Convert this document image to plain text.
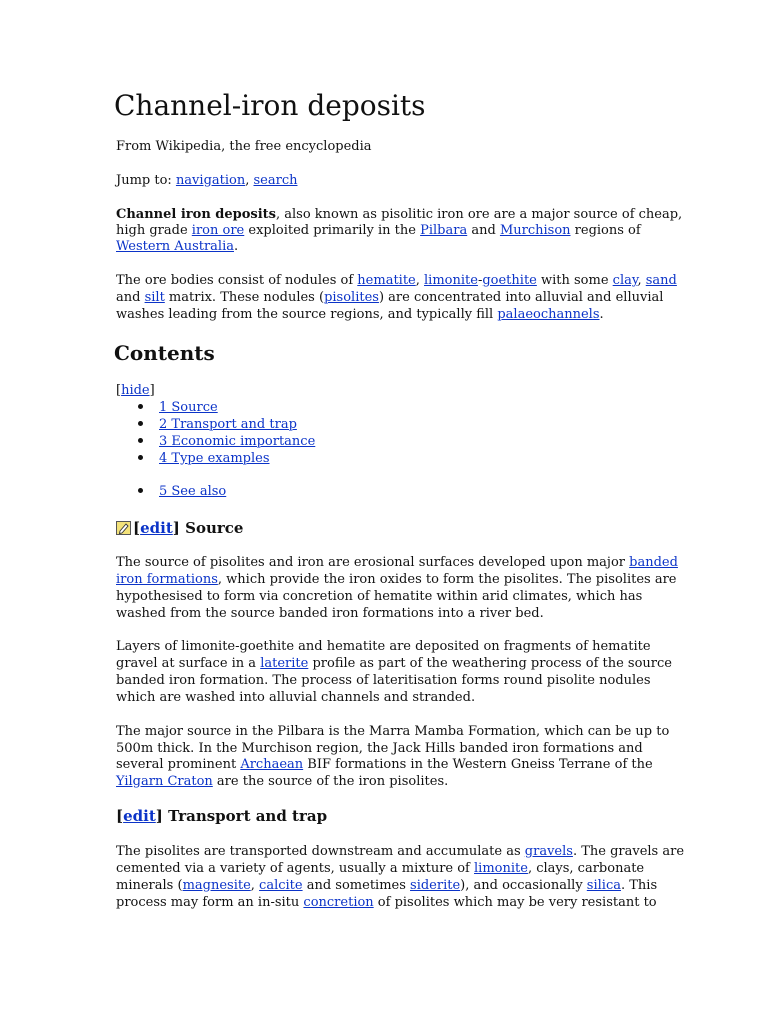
Channel-iron deposits
From Wikipedia, the free encyclopedia
Jump to: navigation, search
Channel iron deposits, also known as pisolitic iron ore are a major source of cheap,
high grade iron ore exploited primarily in the Pilbara and Murchison regions of
Western Australia.
The ore bodies consist of nodules of hematite, limonite-goethite with some clay, sand
and silt matrix. These nodules (pisolites) are concentrated into alluvial and elluvial
washes leading from the source regions, and typically fill palaeochannels.
Contents
[hide]
1 Source
2 Transport and trap
3 Economic importance
4 Type examples
5 See also
[edit] Source
The source of pisolites and iron are erosional surfaces developed upon major banded
iron formations, which provide the iron oxides to form the pisolites. The pisolites are
hypothesised to form via concretion of hematite within arid climates, which has
washed from the source banded iron formations into a river bed.
Layers of limonite-goethite and hematite are deposited on fragments of hematite
gravel at surface in a laterite profile as part of the weathering process of the source
banded iron formation. The process of lateritisation forms round pisolite nodules
which are washed into alluvial channels and stranded.
The major source in the Pilbara is the Marra Mamba Formation, which can be up to
500m thick. In the Murchison region, the Jack Hills banded iron formations and
several prominent Archaean BIF formations in the Western Gneiss Terrane of the
Yilgarn Craton are the source of the iron pisolites.
[edit] Transport and trap
The pisolites are transported downstream and accumulate as gravels. The gravels are
cemented via a variety of agents, usually a mixture of limonite, clays, carbonate
minerals (magnesite, calcite and sometimes siderite), and occasionally silica. This
process may form an in-situ concretion of pisolites which may be very resistant to
